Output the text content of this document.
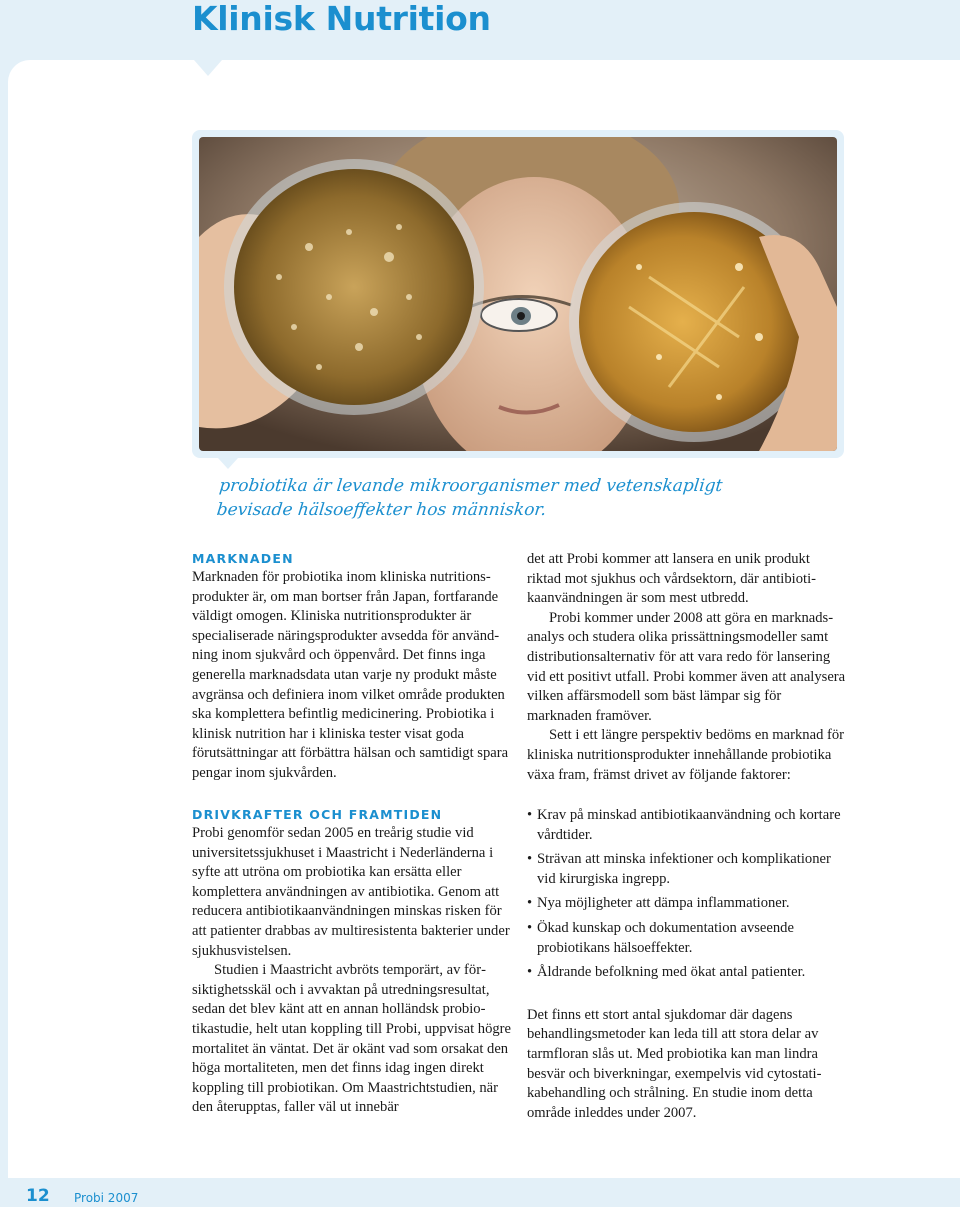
Klinisk Nutrition
probiotika är levande mikroorganismer med vetenskapligt bevisade hälsoeffekter hos människor.
MARKNADEN

Marknaden för probiotika inom kliniska nutritionsprodukter är, om man bortser från Japan, fortfarande väldigt omogen. Kliniska nutritionsprodukter är specialiserade näringsprodukter avsedda för användning inom sjukvård och öppenvård. Det finns inga generella marknadsdata utan varje ny produkt måste avgränsa och definiera inom vilket område produkten ska komplettera befintlig medicinering. Probiotika i klinisk nutrition har i kliniska tester visat goda förutsättningar att förbättra hälsan och samtidigt spara pengar inom sjukvården.

DRIVKRAFTER OCH FRAMTIDEN

Probi genomför sedan 2005 en treårig studie vid universitetssjukhuset i Maastricht i Nederländerna i syfte att utröna om probiotika kan ersätta eller komplettera användningen av antibiotika. Genom att reducera antibiotikaanvändningen minskas risken för att patienter drabbas av multiresistenta bakterier under sjukhusvistelsen.

Studien i Maastricht avbröts temporärt, av försiktighetsskäl och i avvaktan på utredningsresultat, sedan det blev känt att en annan holländsk probiotikastudie, helt utan koppling till Probi, uppvisat högre mortalitet än väntat. Det är okänt vad som orsakat den höga mortaliteten, men det finns idag ingen direkt koppling till probiotikan. Om Maastrichtstudien, när den återupptas, faller väl ut innebär

det att Probi kommer att lansera en unik produkt riktad mot sjukhus och vårdsektorn, där antibiotikaanvändningen är som mest utbredd.

Probi kommer under 2008 att göra en marknadsanalys och studera olika prissättningsmodeller samt distributionsalternativ för att vara redo för lansering vid ett positivt utfall. Probi kommer även att analysera vilken affärsmodell som bäst lämpar sig för marknaden framöver.

Sett i ett längre perspektiv bedöms en marknad för kliniska nutritionsprodukter innehållande probiotika växa fram, främst drivet av följande faktorer:

• Krav på minskad antibiotikaanvändning och kortare vårdtider.
• Strävan att minska infektioner och komplikationer vid kirurgiska ingrepp.
• Nya möjligheter att dämpa inflammationer.
• Ökad kunskap och dokumentation avseende probiotikans hälsoeffekter.
• Åldrande befolkning med ökat antal patienter.

Det finns ett stort antal sjukdomar där dagens behandlingsmetoder kan leda till att stora delar av tarmfloran slås ut. Med probiotika kan man lindra besvär och biverkningar, exempelvis vid cytostatikabehandling och strålning. En studie inom detta område inleddes under 2007.

12 Probi 2007
